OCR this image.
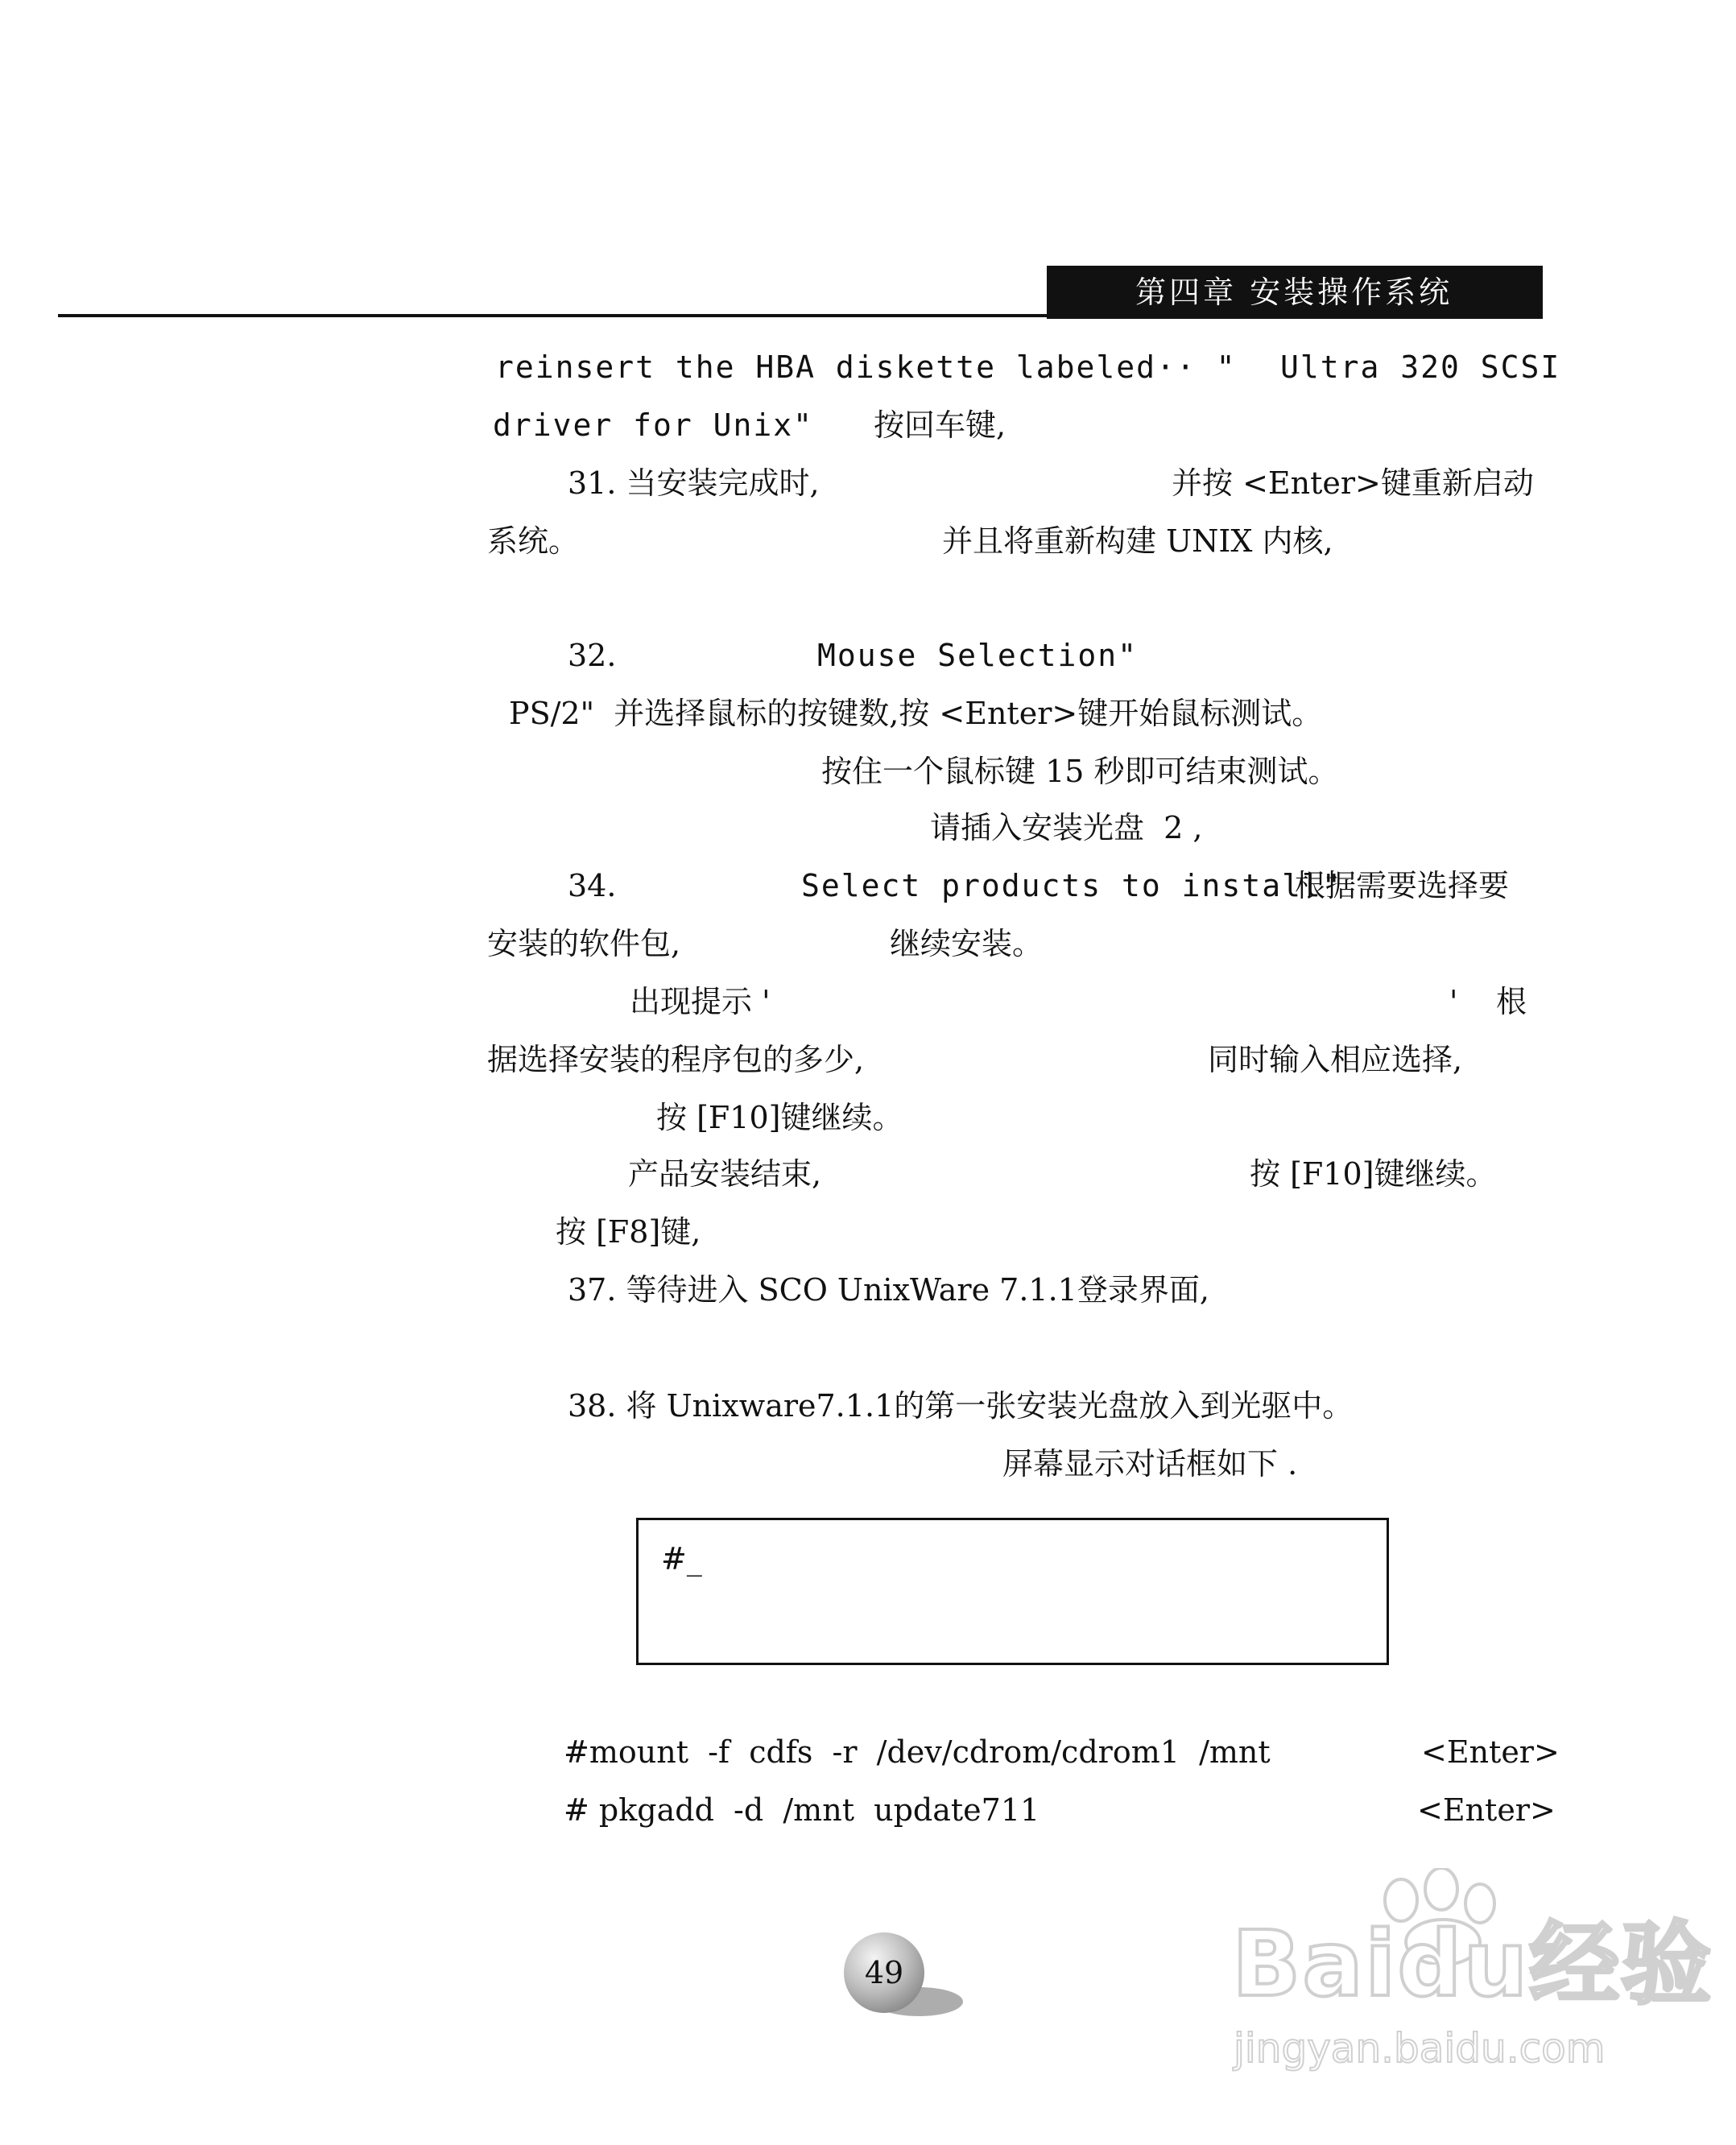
第四章 安装操作系统
reinsert the HBA diskette labeled·· " Ultra 320 SCSI
driver for Unix" 按回车键,
31. 当安装完成时,	并按 <Enter>键重新启动
系统。	并且将重新构建 UNIX 内核,
32.	Mouse Selection"
PS/2"  并选择鼠标的按键数,按 <Enter>键开始鼠标测试。
按住一个鼠标键 15 秒即可结束测试。
请插入安装光盘  2 ,
34.	Select products to install"
根据需要选择要
安装的软件包,	继续安装。
出现提示 '	' 根
据选择安装的程序包的多少,	同时输入相应选择,
按 [F10]键继续。
产品安装结束,	按 [F10]键继续。
按 [F8]键,
37. 等待进入 SCO UnixWare 7.1.1登录界面,
38. 将 Unixware7.1.1的第一张安装光盘放入到光驱中。
屏幕显示对话框如下 .
#_
#mount  -f  cdfs  -r  /dev/cdrom/cdrom1  /mnt	<Enter>
# pkgadd  -d  /mnt  update711	<Enter>
49	Baidu经验
jingyan.baidu.com
